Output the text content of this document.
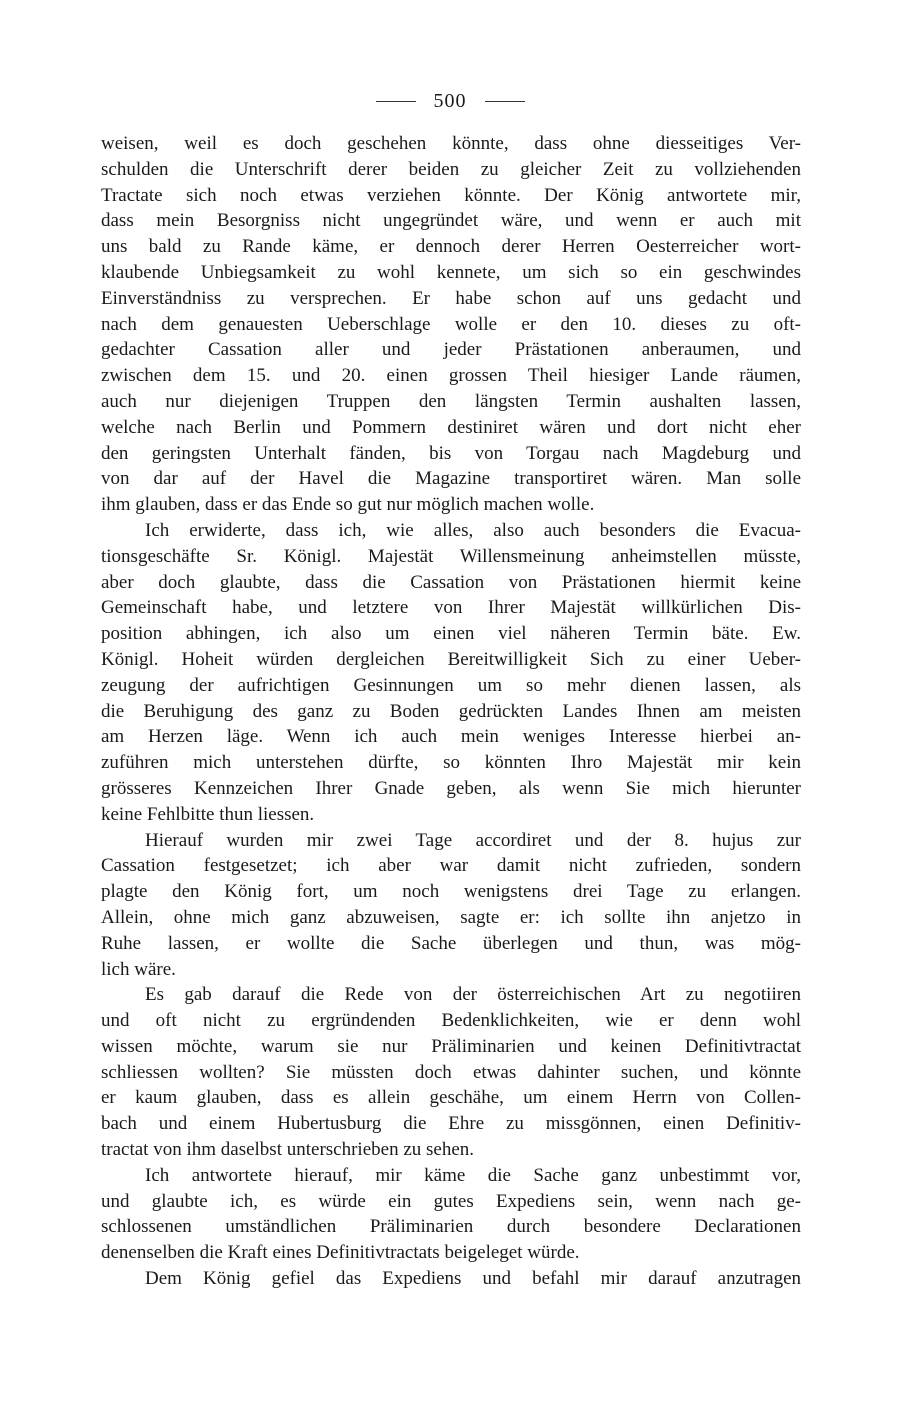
500
weisen, weil es doch geschehen könnte, dass ohne diesseitiges Ver-
schulden die Unterschrift derer beiden zu gleicher Zeit zu vollziehenden
Tractate sich noch etwas verziehen könnte. Der König antwortete mir,
dass mein Besorgniss nicht ungegründet wäre, und wenn er auch mit
uns bald zu Rande käme, er dennoch derer Herren Oesterreicher wort-
klaubende Unbiegsamkeit zu wohl kennete, um sich so ein geschwindes
Einverständniss zu versprechen. Er habe schon auf uns gedacht und
nach dem genauesten Ueberschlage wolle er den 10. dieses zu oft-
gedachter Cassation aller und jeder Prästationen anberaumen, und
zwischen dem 15. und 20. einen grossen Theil hiesiger Lande räumen,
auch nur diejenigen Truppen den längsten Termin aushalten lassen,
welche nach Berlin und Pommern destiniret wären und dort nicht eher
den geringsten Unterhalt fänden, bis von Torgau nach Magdeburg und
von dar auf der Havel die Magazine transportiret wären. Man solle
ihm glauben, dass er das Ende so gut nur möglich machen wolle.
Ich erwiderte, dass ich, wie alles, also auch besonders die Evacua-
tionsgeschäfte Sr. Königl. Majestät Willensmeinung anheimstellen müsste,
aber doch glaubte, dass die Cassation von Prästationen hiermit keine
Gemeinschaft habe, und letztere von Ihrer Majestät willkürlichen Dis-
position abhingen, ich also um einen viel näheren Termin bäte. Ew.
Königl. Hoheit würden dergleichen Bereitwilligkeit Sich zu einer Ueber-
zeugung der aufrichtigen Gesinnungen um so mehr dienen lassen, als
die Beruhigung des ganz zu Boden gedrückten Landes Ihnen am meisten
am Herzen läge. Wenn ich auch mein weniges Interesse hierbei an-
zuführen mich unterstehen dürfte, so könnten Ihro Majestät mir kein
grösseres Kennzeichen Ihrer Gnade geben, als wenn Sie mich hierunter
keine Fehlbitte thun liessen.
Hierauf wurden mir zwei Tage accordiret und der 8. hujus zur
Cassation festgesetzet; ich aber war damit nicht zufrieden, sondern
plagte den König fort, um noch wenigstens drei Tage zu erlangen.
Allein, ohne mich ganz abzuweisen, sagte er: ich sollte ihn anjetzo in
Ruhe lassen, er wollte die Sache überlegen und thun, was mög-
lich wäre.
Es gab darauf die Rede von der österreichischen Art zu negotiiren
und oft nicht zu ergründenden Bedenklichkeiten, wie er denn wohl
wissen möchte, warum sie nur Präliminarien und keinen Definitivtractat
schliessen wollten? Sie müssten doch etwas dahinter suchen, und könnte
er kaum glauben, dass es allein geschähe, um einem Herrn von Collen-
bach und einem Hubertusburg die Ehre zu missgönnen, einen Definitiv-
tractat von ihm daselbst unterschrieben zu sehen.
Ich antwortete hierauf, mir käme die Sache ganz unbestimmt vor,
und glaubte ich, es würde ein gutes Expediens sein, wenn nach ge-
schlossenen umständlichen Präliminarien durch besondere Declarationen
denenselben die Kraft eines Definitivtractats beigeleget würde.
Dem König gefiel das Expediens und befahl mir darauf anzutragen
